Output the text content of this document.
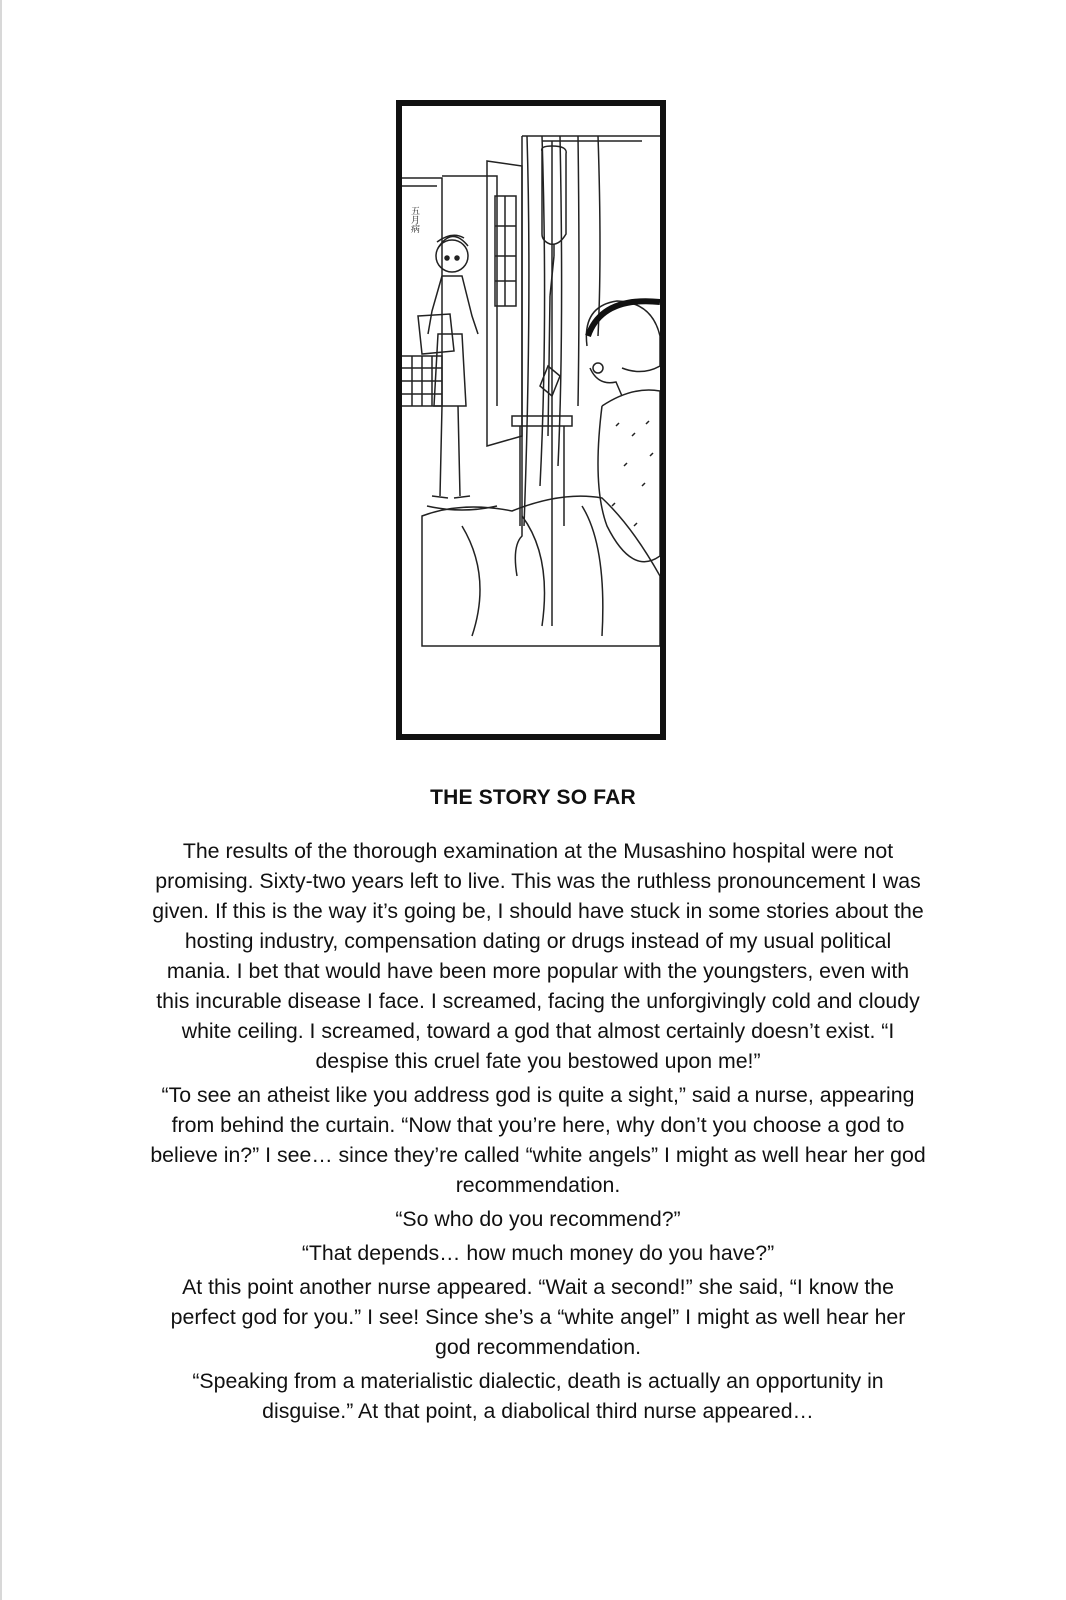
五月病
THE STORY SO FAR

The results of the thorough examination at the Musashino hospital were not promising. Sixty-two years left to live. This was the ruthless pronouncement I was given. If this is the way it’s going be, I should have stuck in some stories about the hosting industry, compensation dating or drugs instead of my usual political mania. I bet that would have been more popular with the youngsters, even with this incurable disease I face. I screamed, facing the unforgivingly cold and cloudy white ceiling. I screamed, toward a god that almost certainly doesn’t exist. “I despise this cruel fate you bestowed upon me!”

“To see an atheist like you address god is quite a sight,” said a nurse, appearing from behind the curtain. “Now that you’re here, why don’t you choose a god to believe in?” I see… since they’re called “white angels” I might as well hear her god recommendation.

“So who do you recommend?”

“That depends… how much money do you have?”

At this point another nurse appeared. “Wait a second!” she said, “I know the perfect god for you.” I see! Since she’s a “white angel” I might as well hear her god recommendation.

“Speaking from a materialistic dialectic, death is actually an opportunity in disguise.” At that point, a diabolical third nurse appeared…
